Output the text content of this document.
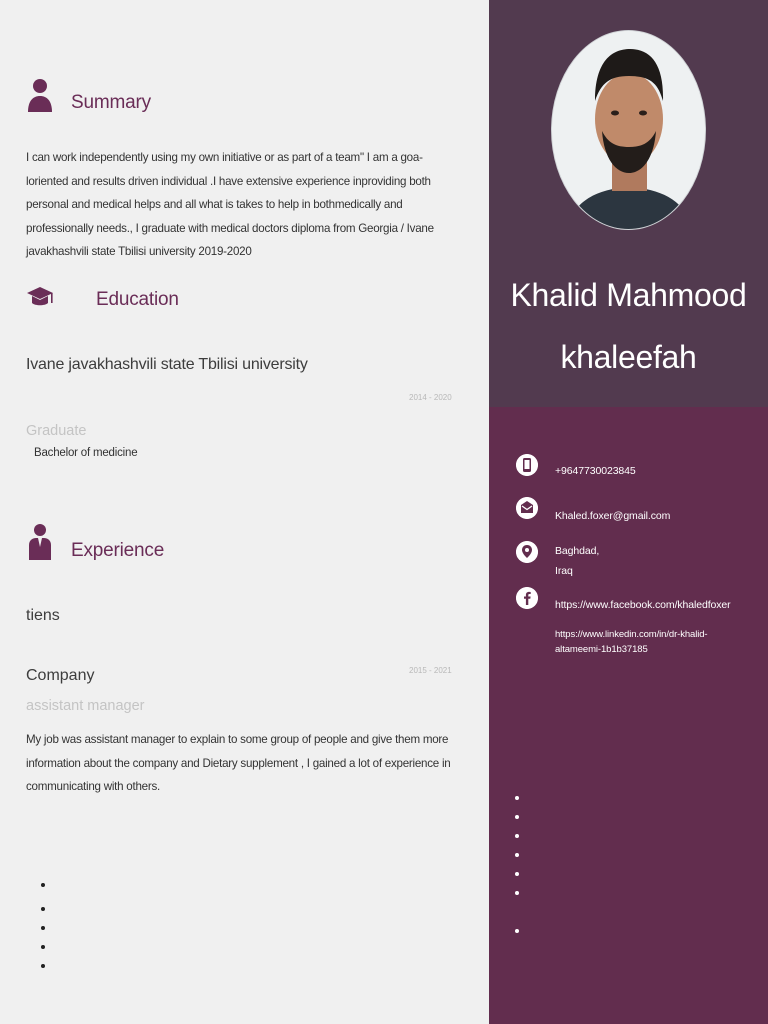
Summary
I can work independently using my own initiative or as part of a team" I am a goa-
loriented and results driven individual .I have extensive experience inproviding both
personal and medical helps and all what is takes to help in bothmedically and
professionally needs., I graduate with medical doctors diploma from Georgia / Ivane
javakhashvili state Tbilisi university 2019-2020
Education
Ivane javakhashvili state Tbilisi university
2014 - 2020
Graduate
Bachelor of medicine
Experience
tiens
Company	2015 - 2021
assistant manager
My job was assistant manager to explain to some group of people and give them more
information about the company and Dietary supplement , I gained a lot of experience in
communicating with others.
Khalid Mahmood
khaleefah
+9647730023845
Khaled.foxer@gmail.com
Baghdad,
Iraq
https://www.facebook.com/khaledfoxer
https://www.linkedin.com/in/dr-khalid-
altameemi-1b1b37185
